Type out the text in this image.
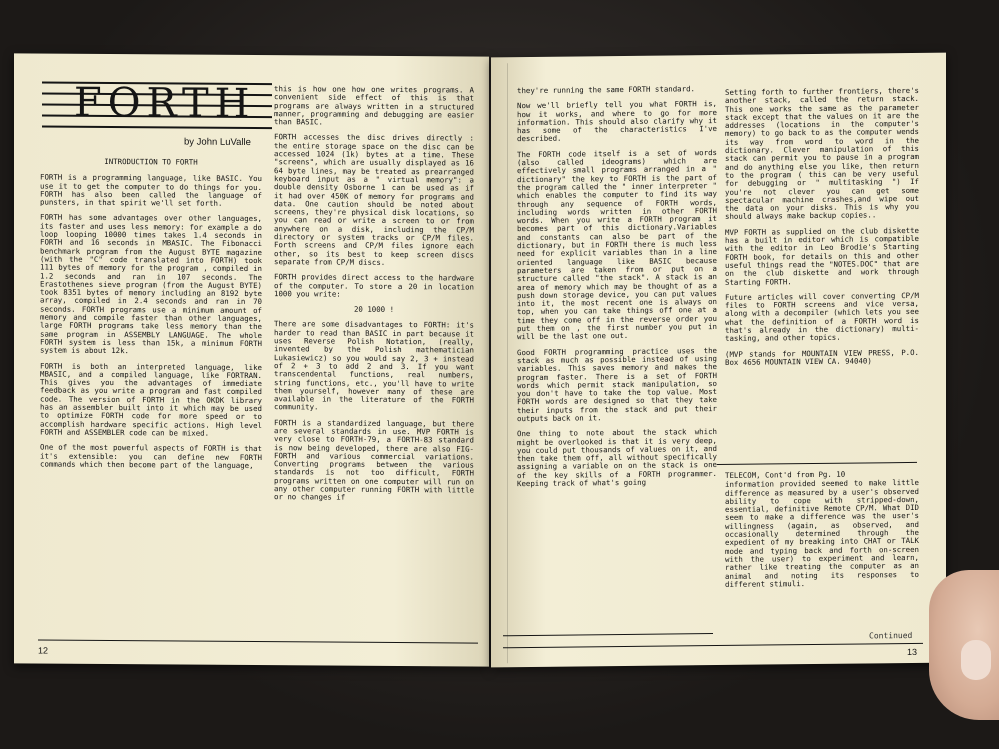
FORTH
by John LuValle

INTRODUCTION TO FORTH

FORTH is a programming language, like BASIC. You use it to get the computer to do things for you. FORTH has also been called the language of punsters, in that spirit we'll set forth.

FORTH has some advantages over other languages, its faster and uses less memory: for example a do loop looping 10000 times takes 1.4 seconds in FORTH and 16 seconds in MBASIC. The Fibonacci benchmark program from the August BYTE magazine (with the "C" code translated into FORTH) took 111 bytes of memory for the program , compiled in 1.2 seconds and ran in 107 seconds. The Erastothenes sieve program (from the August BYTE) took 8351 bytes of memory including an 8192 byte array, compiled in 2.4 seconds and ran in 70 seconds. FORTH programs use a minimum amount of memory and compile faster than other languages, large FORTH programs take less memory than the same program in ASSEMBLY LANGUAGE. The whole FORTH system is less than 15k, a minimum FORTH system is about 12k.

FORTH is both an interpreted language, like MBASIC, and a compiled language, like FORTRAN. This gives you the advantages of immediate feedback as you write a program and fast compiled code. The version of FORTH in the OKDK library has an assembler built into it which may be used to optimize FORTH code for more speed or to accomplish hardware specific actions. High level FORTH and ASSEMBLER code can be mixed.

One of the most powerful aspects of FORTH is that it's extensible: you can define new FORTH commands which then become part of the language,

this is how one how one writes programs. A convenient side effect of this is that programs are always written in a structured manner, programming and debugging are easier than BASIC.

FORTH accesses the disc drives directly : the entire storage space on the disc can be accessed 1024 (1k) bytes at a time. These "screens", which are usually displayed as 16 64 byte lines, may be treated as prearranged keyboard input as a " virtual memory": a double density Osborne 1 can be used as if it had over 450K of memory for programs and data. One caution should be noted about screens, they're physical disk locations, so you can read or write a screen to or from anywhere on a disk, including the CP/M directory or system tracks or CP/M files. Forth screens and CP/M files ignore each other, so its best to keep screen discs separate from CP/M discs.

FORTH provides direct access to the hardware of the computer. To store a 20 in location 1000 you write:

20 1000 !

There are some disadvantages to FORTH: it's harder to read than BASIC in part because it uses Reverse Polish Notation, (really, invented by the Polish mathematician Lukasiewicz) so you would say 2, 3 + instead of 2 + 3 to add 2 and 3. If you want transcendental functions, real numbers, string functions, etc., you'll have to write them yourself, however many of these are available in the literature of the FORTH community.

FORTH is a standardized language, but there are several standards in use. MVP FORTH is very close to FORTH-79, a FORTH-83 standard is now being developed, there are also FIG-FORTH and various commercial variations. Converting programs between the various standards is not too difficult, FORTH programs written on one computer will run on any other computer running FORTH with little or no changes if

12

they're running the same FORTH standard.

Now we'll briefly tell you what FORTH is, how it works, and where to go for more information. This should also clarify why it has some of the characteristics I've described.

The FORTH code itself is a set of words (also called ideograms) which are effectively small programs arranged in a " dictionary" the key to FORTH is the part of the program called the " inner interpreter " which enables the computer to find its way through any sequence of FORTH words, including words written in other FORTH words. When you write a FORTH program it becomes part of this dictionary.Variables and constants can also be part of the dictionary, but in FORTH there is much less need for explicit variables than in a line oriented language like BASIC because parameters are taken from or put on a structure called "the stack". A stack is an area of memory which may be thought of as a push down storage device, you can put values into it, the most recent one is always on top, when you can take things off one at a time they come off in the reverse order you put them on , the first number you put in will be the last one out.

Good FORTH programming practice uses the stack as much as possible instead of using variables. This saves memory and makes the program faster. There is a set of FORTH words which permit stack manipulation, so you don't have to take the top value. Most FORTH words are designed so that they take their inputs from the stack and put their outputs back on it.

One thing to note about the stack which might be overlooked is that it is very deep, you could put thousands of values on it, and then take them off, all without specifically assigning a variable on on the stack is one of the key skills of a FORTH programmer. Keeping track of what's going

Setting forth to further frontiers, there's another stack, called the return stack. This one works the same as the parameter stack except that the values on it are the addresses (locations in the computer's memory) to go back to as the computer wends its way from word to word in the dictionary. Clever manipulation of this stack can permit you to pause in a program and do anything else you like, then return to the program ( this can be very useful for debugging or " multitasking ") If you're not clever you can get some spectacular machine crashes,and wipe out the data on your disks. This is why you should always make backup copies..

MVP FORTH as supplied on the club diskette has a built in editor which is compatible with the editor in Leo Brodie's Starting FORTH book, for details on this and other useful things read the "NOTES.DOC" that are on the club diskette and work through Starting FORTH.

Future articles will cover converting CP/M files to FORTH screens and vice versa, along with a decompiler (which lets you see what the definition of a FORTH word is that's already in the dictionary) multi-tasking, and other topics.

(MVP stands for MOUNTAIN VIEW PRESS, P.O. Box 4656 MOUNTAIN VIEW CA. 94040)

TELECOM, Cont'd from Pg. 10

information provided seemed to make little difference as measured by a user's observed ability to cope with stripped-down, essential, definitive Remote CP/M. What DID seem to make a difference was the user's willingness (again, as observed, and occasionally determined through the expedient of my breaking into CHAT or TALK mode and typing back and forth on-screen with the user) to experiment and learn, rather like treating the computer as an animal and noting its responses to different stimuli.

Continued
13
